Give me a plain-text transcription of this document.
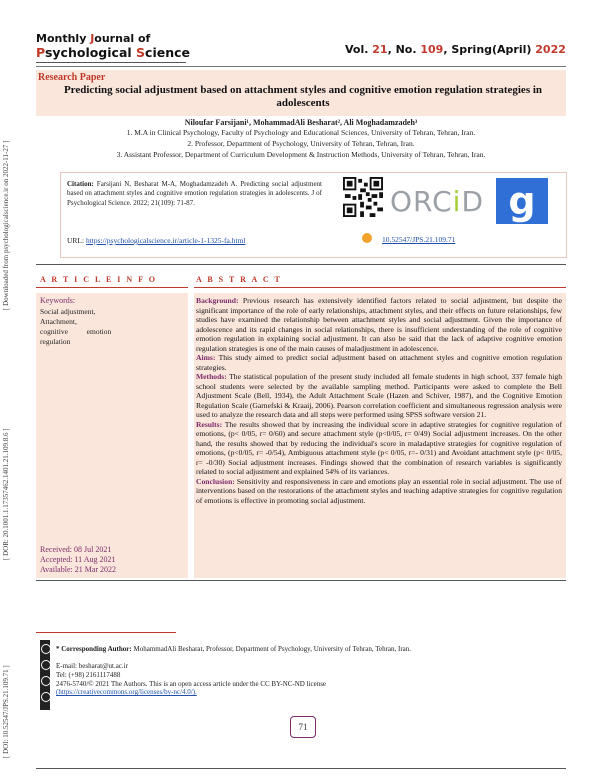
[ Downloaded from psychologicalscience.ir on 2022-11-27 ]
[ DOR: 20.1001.1.17357462.1401.21.109.8.6 ]
[ DOI: 10.52547/JPS.21.109.71 ]
Monthly Journal of
Psychological Science	Vol. 21, No. 109, Spring(April) 2022
Research Paper
Predicting social adjustment based on attachment styles and cognitive emotion regulation strategies in adolescents
Niloufar Farsijani¹, MohammadAli Besharat², Ali Moghadamzadeh³
1. M.A in Clinical Psychology, Faculty of Psychology and Educational Sciences, University of Tehran, Tehran, Iran.
2. Professor, Department of Psychology, University of Tehran, Tehran, Iran.
3. Assistant Professor, Department of Curriculum Development & Instruction Methods, University of Tehran, Tehran, Iran.
Citation: Farsijani N, Besharat M-A, Moghadamzadeh A. Predicting social adjustment based on attachment styles and cognitive emotion regulation strategies in adolescents. J of Psychological Science. 2022; 21(109): 71-87.
URL: https://psychologicalscience.ir/article-1-1325-fa.html
ORCiD g
10.52547/JPS.21.109.71
A R T I C L E I N F O	A B S T R A C T
Keywords:
Social adjustment,
Attachment,
cognitive          emotion
regulation
Received: 08 Jul 2021
Accepted: 11 Aug 2021
Available: 21 Mar 2022

Background: Previous research has extensively identified factors related to social adjustment, but despite the significant importance of the role of early relationships, attachment styles, and their effects on future relationships, few studies have examined the relationship between attachment styles and social adjustment. Given the importance of adolescence and its rapid changes in social relationships, there is insufficient understanding of the role of cognitive emotion regulation in explaining social adjustment. It can also be said that the lack of adaptive cognitive emotion regulation strategies is one of the main causes of maladjustment in adolescence.

Aims: This study aimed to predict social adjustment based on attachment styles and cognitive emotion regulation strategies.

Methods: The statistical population of the present study included all female students in high school, 337 female high school students were selected by the available sampling method. Participants were asked to complete the Bell Adjustment Scale (Bell, 1934), the Adult Attachment Scale (Hazen and Schiver, 1987), and the Cognitive Emotion Regulation Scale (Garnefski & Kraaij, 2006). Pearson correlation coefficient and simultaneous regression analysis were used to analyze the research data and all steps were performed using SPSS software version 21.

Results: The results showed that by increasing the individual score in adaptive strategies for cognitive regulation of emotions, (p< 0/05, r= 0/60) and secure attachment style (p<0/05, r= 0/49) Social adjustment increases. On the other hand, the results showed that by reducing the individual's score in maladaptive strategies for cognitive regulation of emotions, (p<0/05, r= -0/54), Ambiguous attachment style (p< 0/05, r=- 0/31) and Avoidant attachment style (p< 0/05, r= -0/30) Social adjustment increases. Findings showed that the combination of research variables is significantly related to social adjustment and explained 54% of its variances.

Conclusion: Sensitivity and responsiveness in care and emotions play an essential role in social adjustment. The use of interventions based on the restorations of the attachment styles and teaching adaptive strategies for cognitive regulation of emotions is effective in promoting social adjustment.

* Corresponding Author: MohammadAli Besharat, Professor, Department of Psychology, University of Tehran, Tehran, Iran.
E-mail: besharat@ut.ac.ir
Tel: (+98) 2161117488
2476-5740/© 2021 The Authors. This is an open access article under the CC BY-NC-ND license
(https://creativecommons.org/licenses/by-nc/4.0/).
71
